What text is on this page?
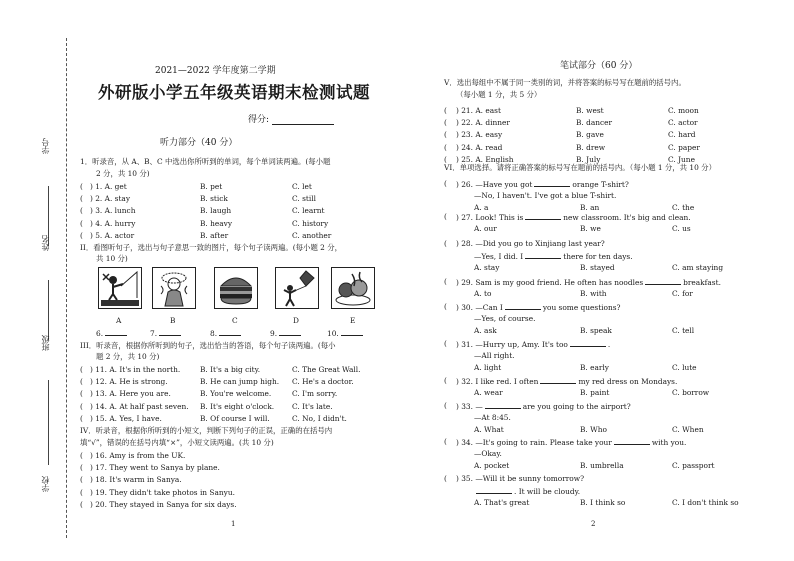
学号
姓名
班级
学校
2021—2022 学年度第二学期
外研版小学五年级英语期末检测试题
得分:
听力部分（40 分）
1．听录音，从 A、B、C 中选出你所听到的单词，每个单词读两遍。(每小题
2 分，共 10 分)
( ) 1. A. get	B. pet	C. let
( ) 2. A. stay	B. stick	C. still
( ) 3. A. lunch	B. laugh	C. learnt
( ) 4. A. hurry	B. heavy	C. history
( ) 5. A. actor	B. after	C. another
II．看图听句子，选出与句子意思一致的图片，每个句子读两遍。(每小题 2 分，
共 10 分)
A	B	C	D	E
6.	7.	8.	9.	10.
III．听录音，根据你所听到的句子，选出恰当的答语，每个句子读两遍。(每小
题 2 分，共 10 分)
( ) 11. A. It's in the north.	B. It's a big city.	C. The Great Wall.
( ) 12. A. He is strong.	B. He can jump high. C. He's a doctor.
( ) 13. A. Here you are.	B. You're welcome.	C. I'm sorry.
( ) 14. A. At half past seven. B. It's eight o'clock. C. It's late.
( ) 15. A. Yes, I have.	B. Of course I will.	C. No, I didn't.
IV．听录音，根据你所听到的小短文，判断下列句子的正误，正确的在括号内
填“√”，错误的在括号内填“×”，小短文读两遍。(共 10 分)
( ) 16. Amy is from the UK.
( ) 17. They went to Sanya by plane.
( ) 18. It's warm in Sanya.
( ) 19. They didn't take photos in Sanyu.
( ) 20. They stayed in Sanya for six days.
1
笔试部分（60 分）
V．选出每组中不属于同一类别的词，并将答案的标号写在题前的括号内。
（每小题 1 分，共 5 分）
( ) 21. A. east	B. west	C. moon
( ) 22. A. dinner	B. dancer	C. actor
( ) 23. A. easy	B. gave	C. hard
( ) 24. A. read	B. drew	C. paper
( ) 25. A. English	B. July	C. June
VI．单项选择。请将正确答案的标号写在题前的括号内。（每小题 1 分，共 10 分）
( ) 26. —Have you got	orange T-shirt?
—No, I haven't. I've got a blue T-shirt.
A. a	B. an	C. the
( ) 27. Look! This is	new classroom. It's big and clean.
A. our	B. we	C. us
( ) 28. —Did you go to Xinjiang last year?
—Yes, I did. I	there for ten days.
A. stay	B. stayed	C. am staying
( ) 29. Sam is my good friend. He often has noodles	breakfast.
A. to	B. with	C. for
( ) 30. —Can I	you some questions?
—Yes, of course.
A. ask	B. speak	C. tell
( ) 31. —Hurry up, Amy. It's too	.
—All right.
A. light	B. early	C. lute
( ) 32. I like red. I often	my red dress on Mondays.
A. wear	B. paint	C. borrow
( ) 33. —	are you going to the airport?
—At 8:45.
A. What	B. Who	C. When
( ) 34. —It's going to rain. Please take your	with you.
—Okay.
A. pocket	B. umbrella	C. passport
( ) 35. —Will it be sunny tomorrow?
. It will be cloudy.
A. That's great	B. I think so	C. I don't think so
2
